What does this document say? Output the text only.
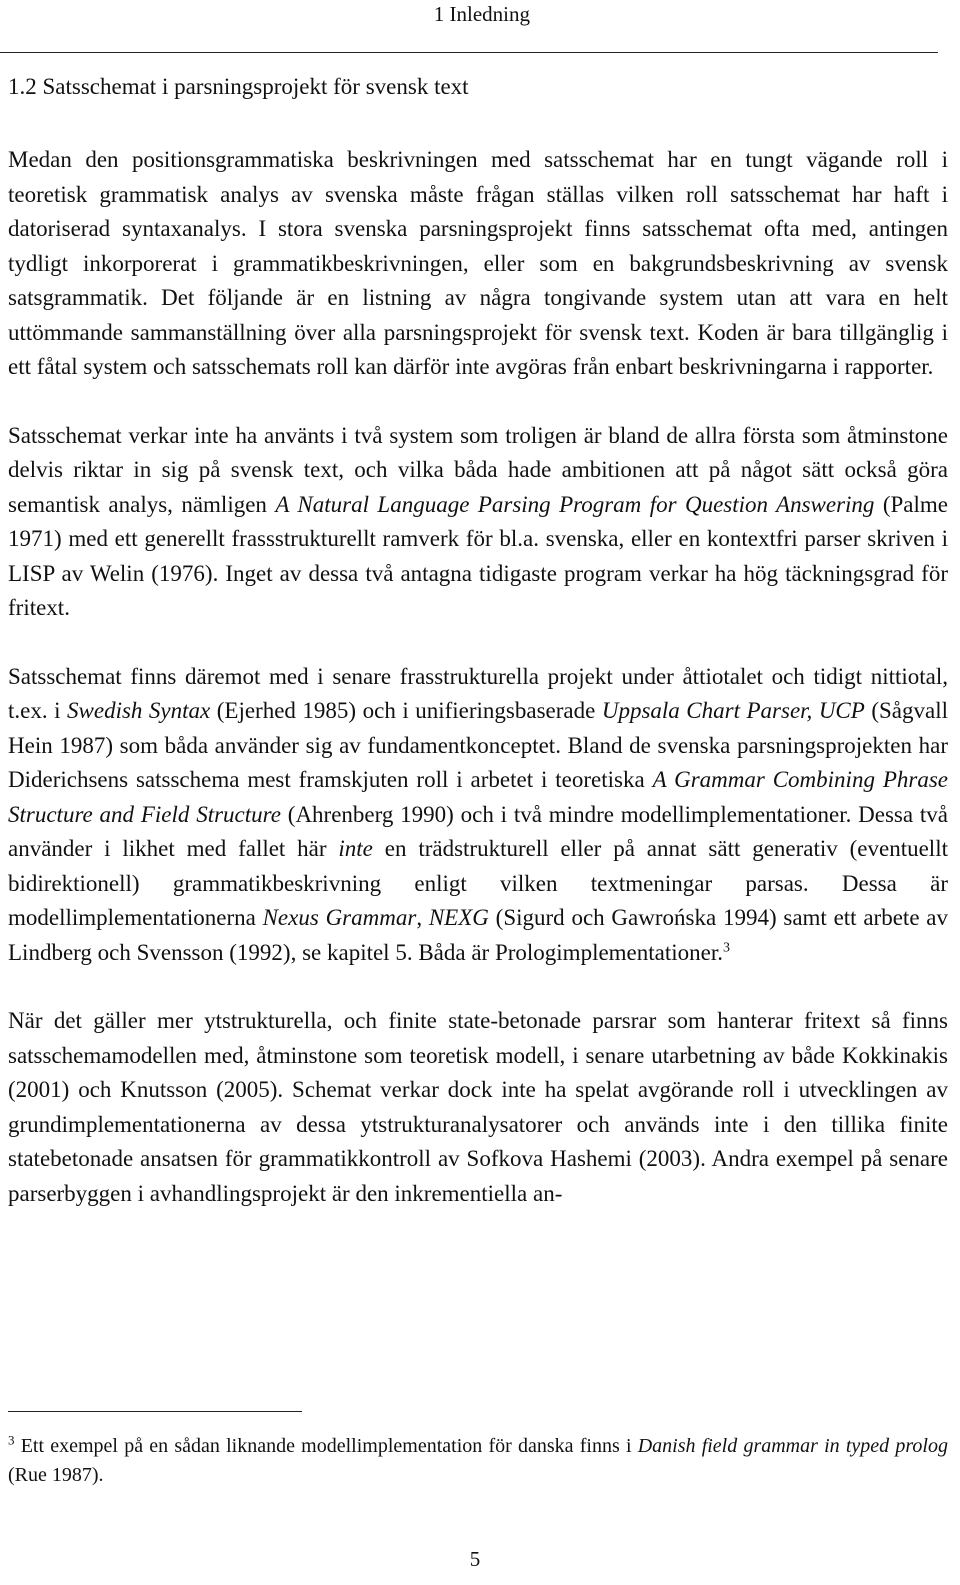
1 Inledning
1.2 Satsschemat i parsningsprojekt för svensk text

Medan den positionsgrammatiska beskrivningen med satsschemat har en tungt vägande roll i teoretisk grammatisk analys av svenska måste frågan ställas vilken roll satsschemat har haft i datoriserad syntaxanalys. I stora svenska parsningsprojekt finns satsschemat ofta med, antingen tydligt inkorporerat i grammatikbeskrivningen, eller som en bakgrundsbeskrivning av svensk satsgrammatik. Det följande är en listning av några tongivande system utan att vara en helt uttömmande sammanställning över alla parsningsprojekt för svensk text. Koden är bara tillgänglig i ett fåtal system och satsschemats roll kan därför inte avgöras från enbart beskrivningarna i rapporter.

Satsschemat verkar inte ha använts i två system som troligen är bland de allra första som åtminstone delvis riktar in sig på svensk text, och vilka båda hade ambitionen att på något sätt också göra semantisk analys, nämligen A Natural Language Parsing Program for Question Answering (Palme 1971) med ett generellt frassstrukturellt ramverk för bl.a. svenska, eller en kontextfri parser skriven i LISP av Welin (1976). Inget av dessa två antagna tidigaste program verkar ha hög täckningsgrad för fritext.

Satsschemat finns däremot med i senare frasstrukturella projekt under åttiotalet och tidigt nittiotal, t.ex. i Swedish Syntax (Ejerhed 1985) och i unifieringsbaserade Uppsala Chart Parser, UCP (Sågvall Hein 1987) som båda använder sig av fundamentkonceptet. Bland de svenska parsningsprojekten har Diderichsens satsschema mest framskjuten roll i arbetet i teoretiska A Grammar Combining Phrase Structure and Field Structure (Ahrenberg 1990) och i två mindre modellimplementationer. Dessa två använder i likhet med fallet här inte en trädstrukturell eller på annat sätt generativ (eventuellt bidirektionell) grammatikbeskrivning enligt vilken textmeningar parsas. Dessa är modellimplementationerna Nexus Grammar, NEXG (Sigurd och Gawrońska 1994) samt ett arbete av Lindberg och Svensson (1992), se kapitel 5. Båda är Prologimplementationer.$^3$

När det gäller mer ytstrukturella, och finite state-betonade parsrar som hanterar fritext så finns satsschemamodellen med, åtminstone som teoretisk modell, i senare utarbetning av både Kokkinakis (2001) och Knutsson (2005). Schemat verkar dock inte ha spelat avgörande roll i utvecklingen av grundimplementationerna av dessa ytstrukturanalysatorer och används inte i den tillika finite statebetonade ansatsen för grammatikkontroll av Sofkova Hashemi (2003). Andra exempel på senare parserbyggen i avhandlingsprojekt är den inkrementiella an-

$^3$ Ett exempel på en sådan liknande modellimplementation för danska finns i Danish field grammar in typed prolog (Rue 1987).
5
